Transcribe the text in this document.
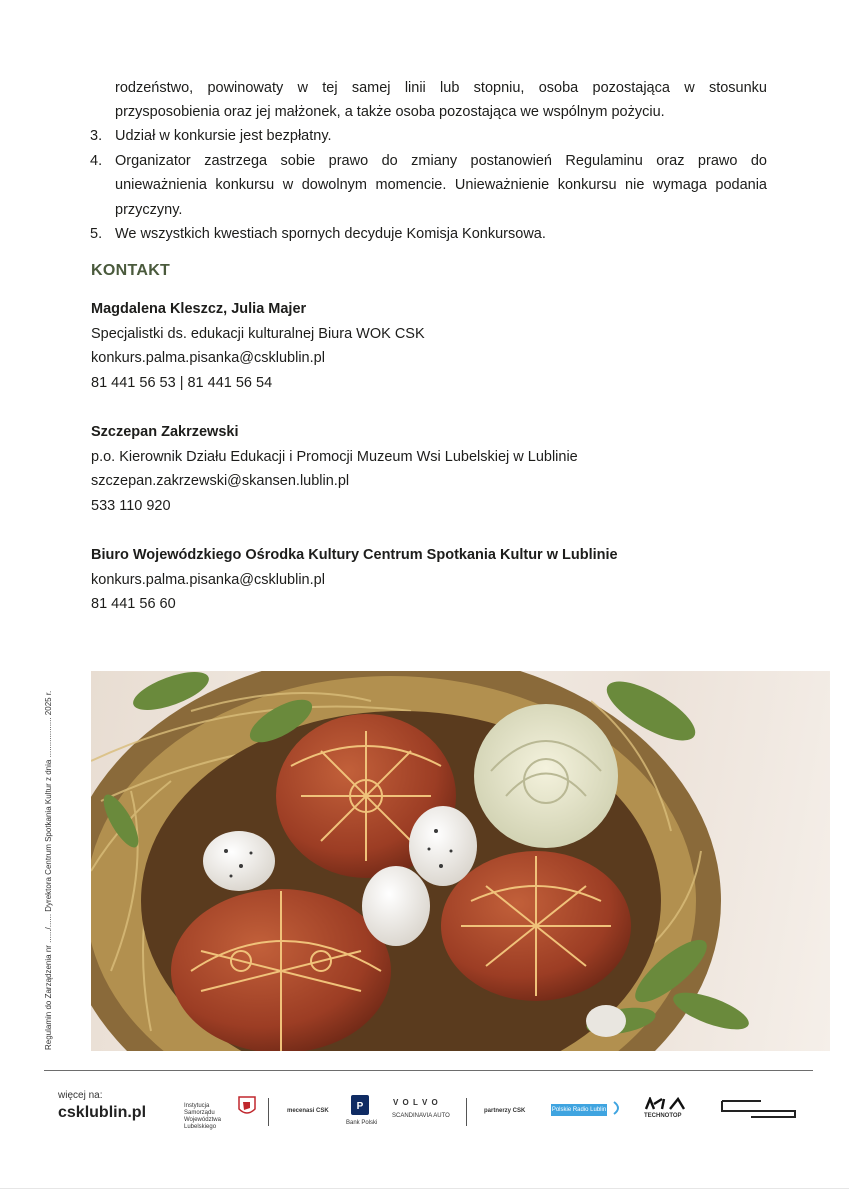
rodzeństwo, powinowaty w tej samej linii lub stopniu, osoba pozostająca w stosunku
przysposobienia oraz jej małżonek, a także osoba pozostająca we wspólnym pożyciu.
3. Udział w konkursie jest bezpłatny.
4. Organizator zastrzega sobie prawo do zmiany postanowień Regulaminu oraz prawo do unieważnienia konkursu w dowolnym momencie. Unieważnienie konkursu nie wymaga podania przyczyny.
5. We wszystkich kwestiach spornych decyduje Komisja Konkursowa.
KONTAKT
Magdalena Kleszcz, Julia Majer
Specjalistki ds. edukacji kulturalnej Biura WOK CSK
konkurs.palma.pisanka@csklublin.pl
81 441 56 53 | 81 441 56 54
Szczepan Zakrzewski
p.o. Kierownik Działu Edukacji i Promocji Muzeum Wsi Lubelskiej w Lublinie
szczepan.zakrzewski@skansen.lublin.pl
533 110 920
Biuro Wojewódzkiego Ośrodka Kultury Centrum Spotkania Kultur w Lublinie
konkurs.palma.pisanka@csklublin.pl
81 441 56 60
Regulamin do Zarządzenia nr ....../...... Dyrektora Centrum Spotkania Kultur z dnia .................. 2025 r.
więcej na:
csklublin.pl	Instytucja Samorządu Województwa Lubelskiego
mecenasi CSK	P
Bank Polski
V O L V O
SCANDINAVIA AUTO
partnerzy CSK	Polskie Radio Lublin
TECHNOTOP
